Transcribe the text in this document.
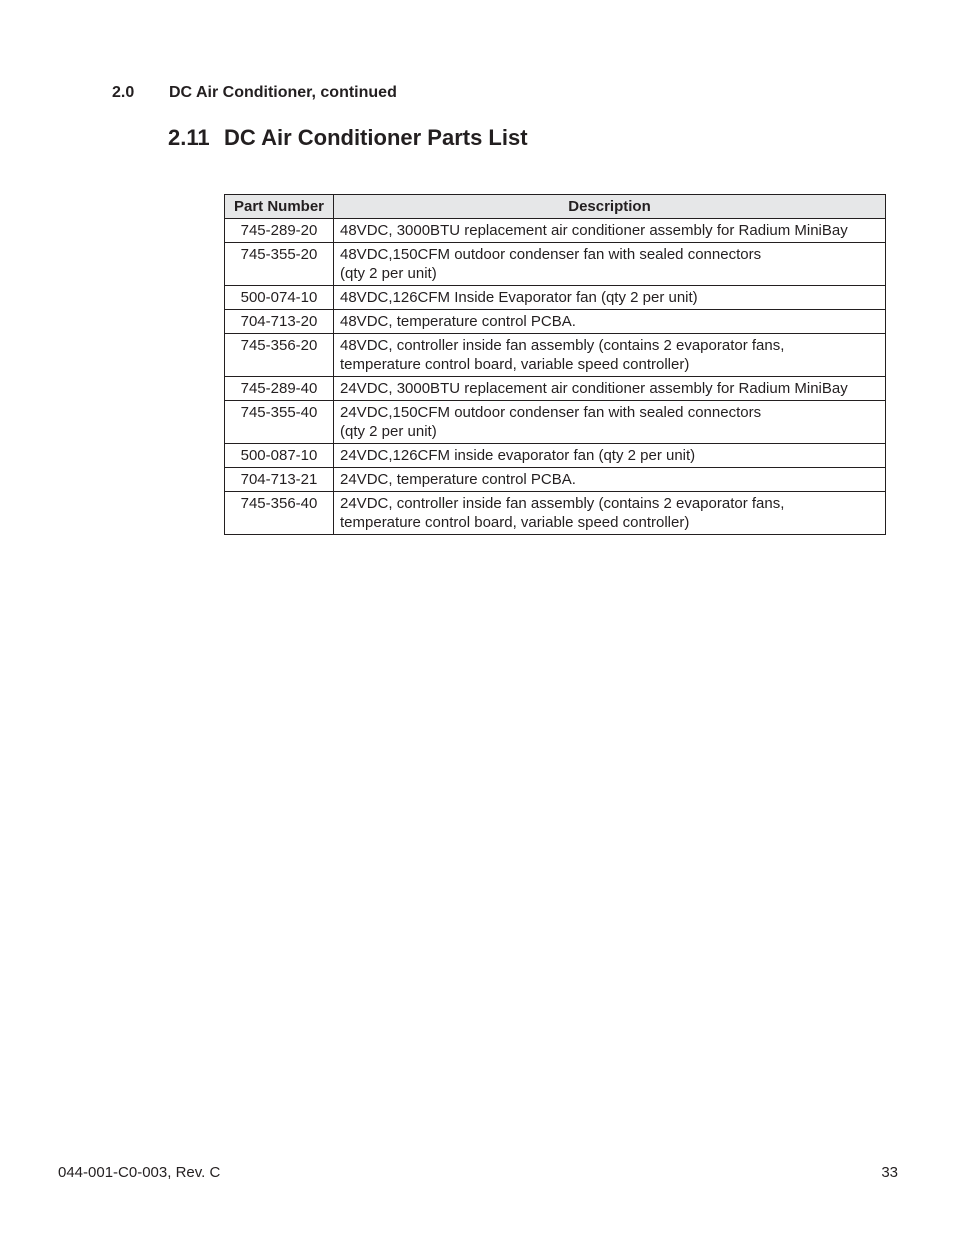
2.0 DC Air Conditioner, continued
2.11 DC Air Conditioner Parts List
Part Number	Description
745-289-20	48VDC, 3000BTU replacement air conditioner assembly for Radium MiniBay

745-355-20	48VDC,150CFM outdoor condenser fan with sealed connectors
(qty 2 per unit)

500-074-10	48VDC,126CFM Inside Evaporator fan (qty 2 per unit)

704-713-20	48VDC, temperature control PCBA.

745-356-20	48VDC, controller inside fan assembly (contains 2 evaporator fans,
temperature control board, variable speed controller)

745-289-40	24VDC, 3000BTU replacement air conditioner assembly for Radium MiniBay

745-355-40	24VDC,150CFM outdoor condenser fan with sealed connectors
(qty 2 per unit)

500-087-10	24VDC,126CFM inside evaporator fan (qty 2 per unit)

704-713-21	24VDC, temperature control PCBA.

745-356-40	24VDC, controller inside fan assembly (contains 2 evaporator fans,
temperature control board, variable speed controller)
044-001-C0-003, Rev. C	33
